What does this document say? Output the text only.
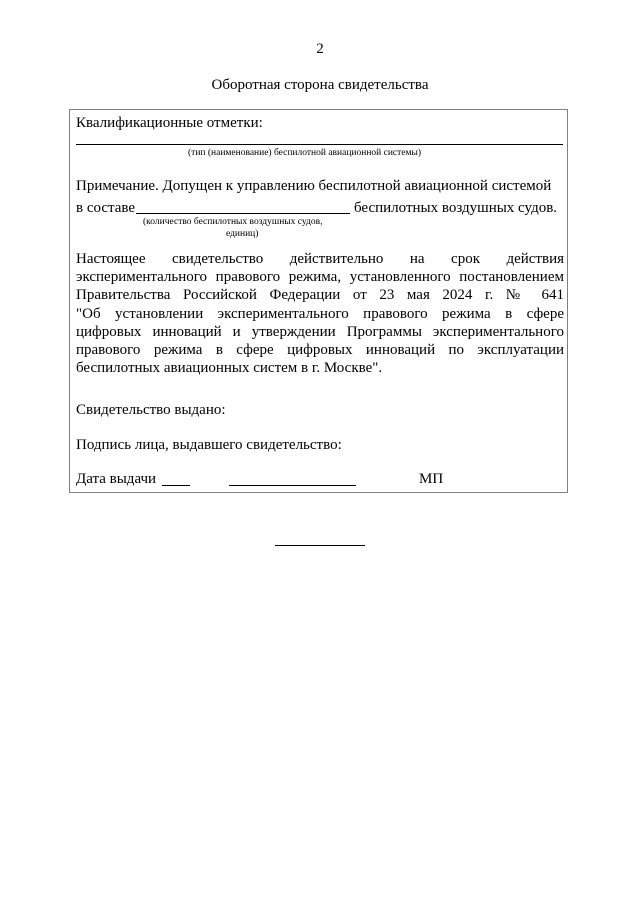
2
Оборотная сторона свидетельства
Квалификационные отметки:
(тип (наименование) беспилотной авиационной системы)
Примечание. Допущен к управлению беспилотной авиационной системой
в составе	беспилотных воздушных судов.
(количество беспилотных воздушных судов,
единиц)
Настоящее свидетельство действительно на срок действия
экспериментального правового режима, установленного постановлением
Правительства Российской Федерации от 23 мая 2024 г. № 641
"Об установлении экспериментального правового режима в сфере
цифровых инноваций и утверждении Программы экспериментального
правового режима в сфере цифровых инноваций по эксплуатации
беспилотных авиационных систем в г. Москве".
Свидетельство выдано:
Подпись лица, выдавшего свидетельство:
Дата выдачи	МП
